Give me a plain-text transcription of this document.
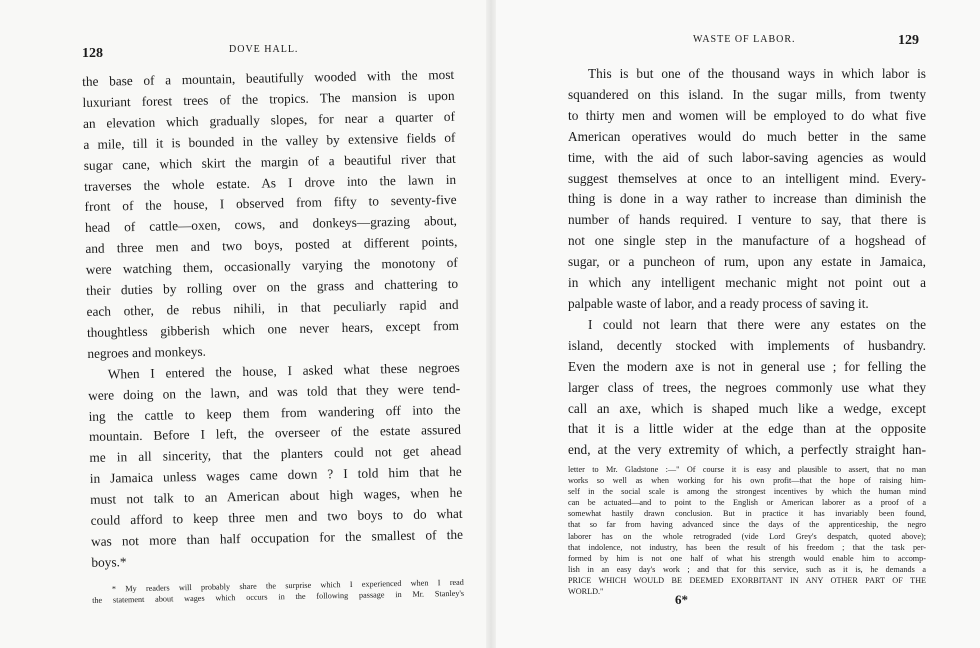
128	DOVE HALL.
129
WASTE OF LABOR.
the base of a mountain, beautifully wooded with the most
luxuriant forest trees of the tropics. The mansion is upon
an elevation which gradually slopes, for near a quarter of
a mile, till it is bounded in the valley by extensive fields of
sugar cane, which skirt the margin of a beautiful river that
traverses the whole estate. As I drove into the lawn in
front of the house, I observed from fifty to seventy-five
head of cattle—oxen, cows, and donkeys—grazing about,
and three men and two boys, posted at different points,
were watching them, occasionally varying the monotony of
their duties by rolling over on the grass and chattering to
each other, de rebus nihili, in that peculiarly rapid and
thoughtless gibberish which one never hears, except from
negroes and monkeys.
When I entered the house, I asked what these negroes
were doing on the lawn, and was told that they were tend-
ing the cattle to keep them from wandering off into the
mountain. Before I left, the overseer of the estate assured
me in all sincerity, that the planters could not get ahead
in Jamaica unless wages came down ? I told him that he
must not talk to an American about high wages, when he
could afford to keep three men and two boys to do what
was not more than half occupation for the smallest of the
boys.*
* My readers will probably share the surprise which I experienced when I read
the statement about wages which occurs in the following passage in Mr. Stanley's
This is but one of the thousand ways in which labor is
squandered on this island. In the sugar mills, from twenty
to thirty men and women will be employed to do what five
American operatives would do much better in the same
time, with the aid of such labor-saving agencies as would
suggest themselves at once to an intelligent mind. Every-
thing is done in a way rather to increase than diminish the
number of hands required. I venture to say, that there is
not one single step in the manufacture of a hogshead of
sugar, or a puncheon of rum, upon any estate in Jamaica,
in which any intelligent mechanic might not point out a
palpable waste of labor, and a ready process of saving it.
I could not learn that there were any estates on the
island, decently stocked with implements of husbandry.
Even the modern axe is not in general use ; for felling the
larger class of trees, the negroes commonly use what they
call an axe, which is shaped much like a wedge, except
that it is a little wider at the edge than at the opposite
end, at the very extremity of which, a perfectly straight han-
letter to Mr. Gladstone :—" Of course it is easy and plausible to assert, that no man
works so well as when working for his own profit—that the hope of raising him-
self in the social scale is among the strongest incentives by which the human mind
can be actuated—and to point to the English or American laborer as a proof of a
somewhat hastily drawn conclusion. But in practice it has invariably been found,
that so far from having advanced since the days of the apprenticeship, the negro
laborer has on the whole retrograded (vide Lord Grey's despatch, quoted above);
that indolence, not industry, has been the result of his freedom ; that the task per-
formed by him is not one half of what his strength would enable him to accomp-
lish in an easy day's work ; and that for this service, such as it is, he demands a
PRICE WHICH WOULD BE DEEMED EXORBITANT IN ANY OTHER PART OF THE
WORLD."
6*
